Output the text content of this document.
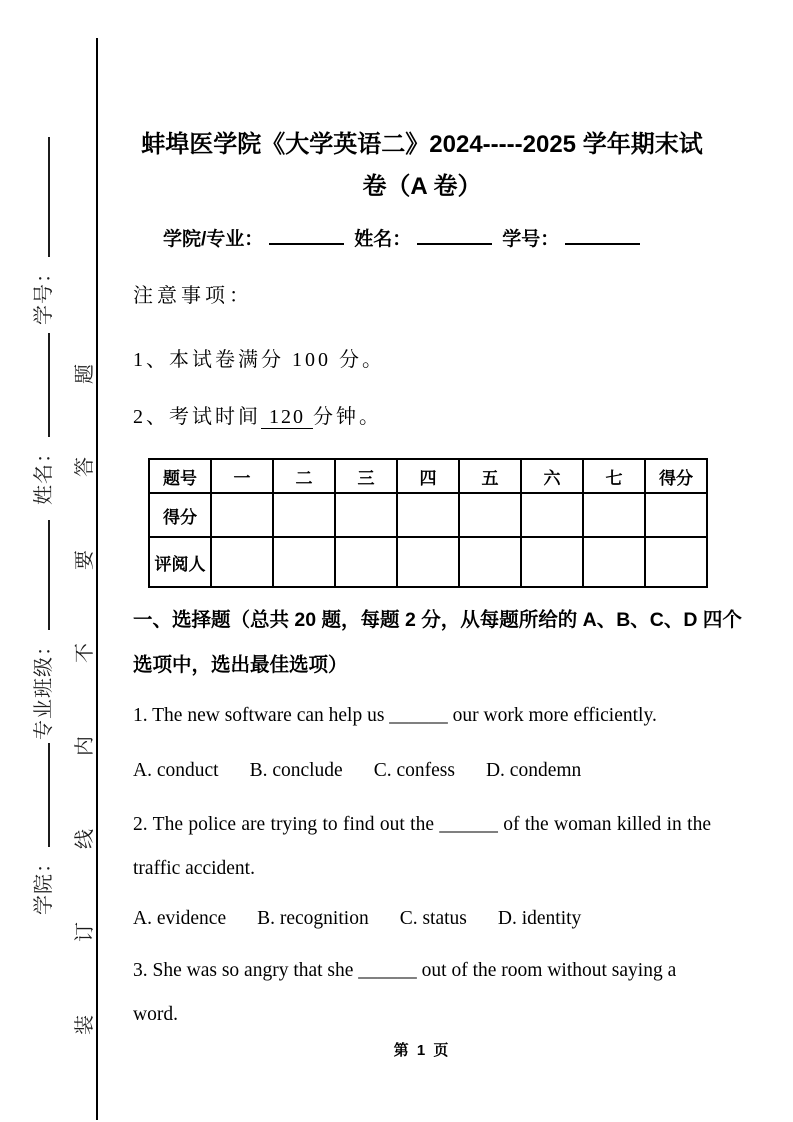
学院：
专业班级：
姓名：
学号： 装订线内不要答题
蚌埠医学院《大学英语二》2024-----2025 学年期末试
卷（A 卷）
学院/专业：	姓名：	学号：
注意事项：
1、本试卷满分 100 分。
2、考试时间 120 分钟。
题号	一	二	三	四	五	六	七	得分
得分								
评阅人								
一、选择题（总共 20 题，每题 2 分，从每题所给的 A、B、C、D 四个
选项中，选出最佳选项）
1. The new software can help us ______ our work more efficiently.
A. conduct B. conclude C. confess D. condemn
2. The police are trying to find out the ______ of the woman killed in the
traffic accident.
A. evidence B. recognition C. status D. identity
3. She was so angry that she ______ out of the room without saying a word.
第 1 页
